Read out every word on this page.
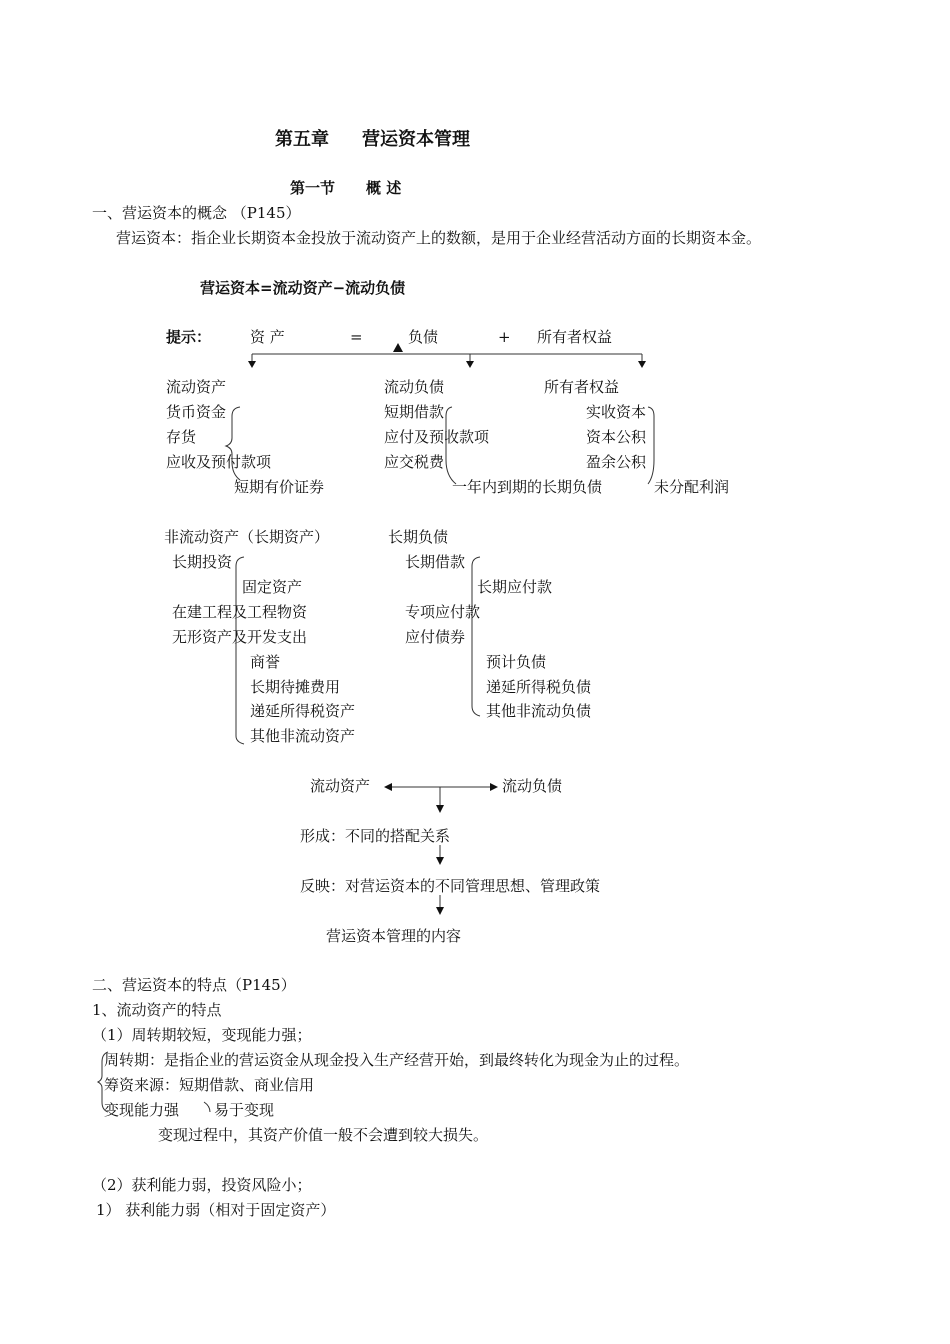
第五章 营运资本管理
第一节 概 述
一、营运资本的概念 （P145）
营运资本：指企业长期资本金投放于流动资产上的数额，是用于企业经营活动方面的长期资本金。
营运资本=流动资产−流动负债
提示：	资 产	=	负债	+ 所有者权益
流动资产
货币资金
存货
应收及预付款项
短期有价证券
流动负债
短期借款
应付及预收款项
应交税费
一年内到期的长期负债
所有者权益
实收资本
资本公积
盈余公积
未分配利润
非流动资产（长期资产）
长期投资
固定资产
在建工程及工程物资
无形资产及开发支出
商誉
长期待摊费用
递延所得税资产
其他非流动资产
长期负债
长期借款
长期应付款
专项应付款
应付债券
预计负债
递延所得税负债
其他非流动负债
流动资产	流动负债
形成：不同的搭配关系
反映：对营运资本的不同管理思想、管理政策
营运资本管理的内容
二、营运资本的特点（P145）
1、流动资产的特点
（1）周转期较短，变现能力强；
周转期：是指企业的营运资金从现金投入生产经营开始，到最终转化为现金为止的过程。
筹资来源：短期借款、商业信用
变现能力强 易于变现
变现过程中，其资产价值一般不会遭到较大损失。
（2）获利能力弱，投资风险小；
1） 获利能力弱（相对于固定资产）
